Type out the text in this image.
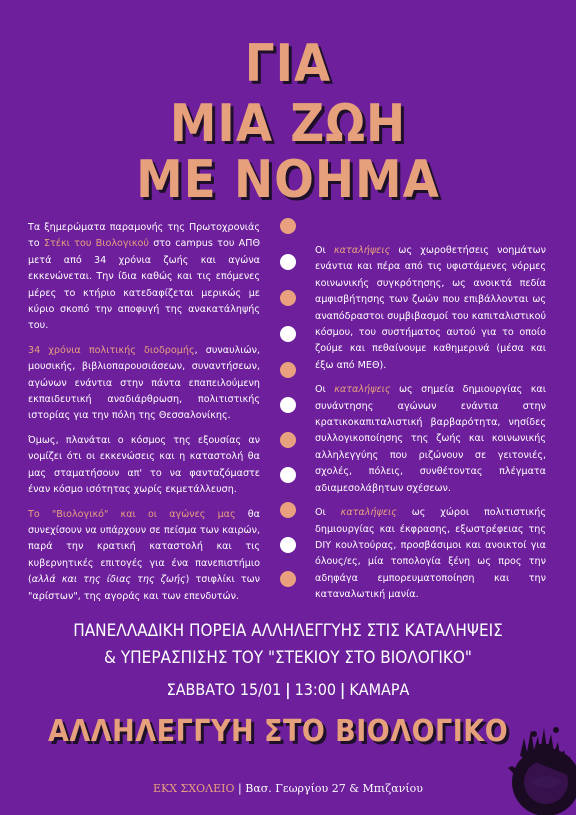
ΓΙΑ
ΜΙΑ ΖΩΗ
ΜΕ ΝΟΗΜΑ

Τα ξημερώματα παραμονής της Πρωτοχρονιάς το Στέκι του Βιολογικού στο campus του ΑΠΘ μετά από 34 χρόνια ζωής και αγώνα εκκενώνεται. Την ίδια καθώς και τις επόμενες μέρες το κτήριο κατεδαφίζεται μερικώς με κύριο σκοπό την αποφυγή της ανακατάληψής του.

34 χρόνια πολιτικής διοδρομής, συναυλιών, μουσικής, βιβλιοπαρουσιάσεων, συναντήσεων, αγώνων ενάντια στην πάντα επαπειλούμενη εκπαιδευτική αναδιάρθρωση, πολιτιστικής ιστορίας για την πόλη της Θεσσαλονίκης.

Όμως, πλανάται ο κόσμος της εξουσίας αν νομίζει ότι οι εκκενώσεις και η καταστολή θα μας σταματήσουν απ' το να φανταζόμαστε έναν κόσμο ισότητας χωρίς εκμετάλλευση.

Το "Βιολογικό" και οι αγώνες μας θα συνεχίσουν να υπάρχουν σε πείσμα των καιρών, παρά την κρατική καταστολή και τις κυβερνητικές επιτογές για ένα πανεπιστήμιο (αλλά και της ίδιας της ζωής) τσιφλίκι των "αρίστων", της αγοράς και των επενδυτών.

Οι καταλήψεις ως χωροθετήσεις νοημάτων ενάντια και πέρα από τις υφιστάμενες νόρμες κοινωνικής συγκρότησης, ως ανοικτά πεδία αμφισβήτησης των ζωών που επιβάλλονται ως αναπόδραστοι συμβιβασμοί του καπιταλιστικού κόσμου, του συστήματος αυτού για το οποίο ζούμε και πεθαίνουμε καθημερινά (μέσα και έξω από ΜΕΘ).

Οι καταλήψεις ως σημεία δημιουργίας και συνάντησης αγώνων ενάντια στην κρατικοκαπιταλιστική βαρβαρότητα, νησίδες συλλογικοποίησης της ζωής και κοινωνικής αλληλεγγύης που ριζώνουν σε γειτονιές, σχολές, πόλεις, συνθέτοντας πλέγματα αδιαμεσολάβητων σχέσεων.

Οι καταλήψεις ως χώροι πολιτιστικής δημιουργίας και έκφρασης, εξωστρέφειας της DIY κουλτούρας, προσβάσιμοι και ανοικτοί για όλους/ες, μία τοπολογία ξένη ως προς την αδηφάγα εμπορευματοποίηση και την καταναλωτική μανία.

ΠΑΝΕΛΛΑΔΙΚΗ ΠΟΡΕΙΑ ΑΛΛΗΛΕΓΓΥΗΣ ΣΤΙΣ ΚΑΤΑΛΗΨΕΙΣ
& ΥΠΕΡΑΣΠΙΣΗΣ ΤΟΥ "ΣΤΕΚΙΟΥ ΣΤΟ ΒΙΟΛΟΓΙΚΟ"
ΣΑΒΒΑΤΟ 15/01 | 13:00 | ΚΑΜΑΡΑ
ΑΛΛΗΛΕΓΓΥΗ ΣΤΟ ΒΙΟΛΟΓΙΚΟ
ΕΚΧ ΣΧΟΛΕΙΟ | Βασ. Γεωργίου 27 & Μπιζανίου
